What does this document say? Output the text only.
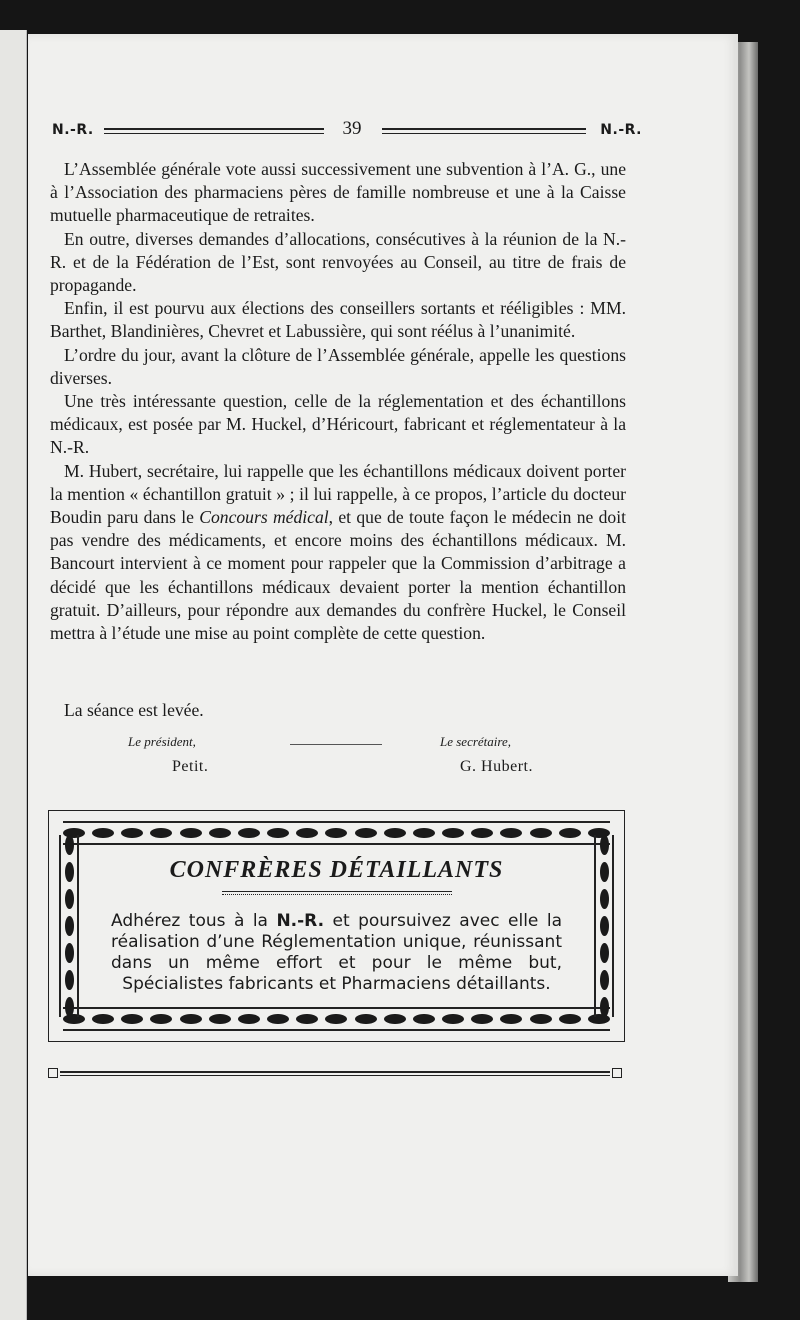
N.-R.	39	N.-R.

L’Assemblée générale vote aussi successivement une subvention à l’A. G., une à l’Association des pharmaciens pères de famille nombreuse et une à la Caisse mutuelle pharmaceutique de retraites.

En outre, diverses demandes d’allocations, consécutives à la réunion de la N.-R. et de la Fédération de l’Est, sont renvoyées au Conseil, au titre de frais de propagande.

Enfin, il est pourvu aux élections des conseillers sortants et rééligibles : MM. Barthet, Blandinières, Chevret et Labussière, qui sont réélus à l’unanimité.

L’ordre du jour, avant la clôture de l’Assemblée générale, appelle les questions diverses.

Une très intéressante question, celle de la réglementation et des échantillons médicaux, est posée par M. Huckel, d’Héricourt, fabricant et réglementateur à la N.-R.

M. Hubert, secrétaire, lui rappelle que les échantillons médicaux doivent porter la mention « échantillon gratuit » ; il lui rappelle, à ce propos, l’article du docteur Boudin paru dans le Concours médical, et que de toute façon le médecin ne doit pas vendre des médicaments, et encore moins des échantillons médicaux. M. Bancourt intervient à ce moment pour rappeler que la Commission d’arbitrage a décidé que les échantillons médicaux devaient porter la mention échantillon gratuit. D’ailleurs, pour répondre aux demandes du confrère Huckel, le Conseil mettra à l’étude une mise au point complète de cette question.

La séance est levée.
Le président,
Petit.
Le secrétaire,
G. Hubert.
CONFRÈRES DÉTAILLANTS
Adhérez tous à la N.-R. et poursuivez avec elle la réalisation d’une Réglementation unique, réunissant dans un même effort et pour le même but, Spécialistes fabricants et Pharmaciens détaillants.
